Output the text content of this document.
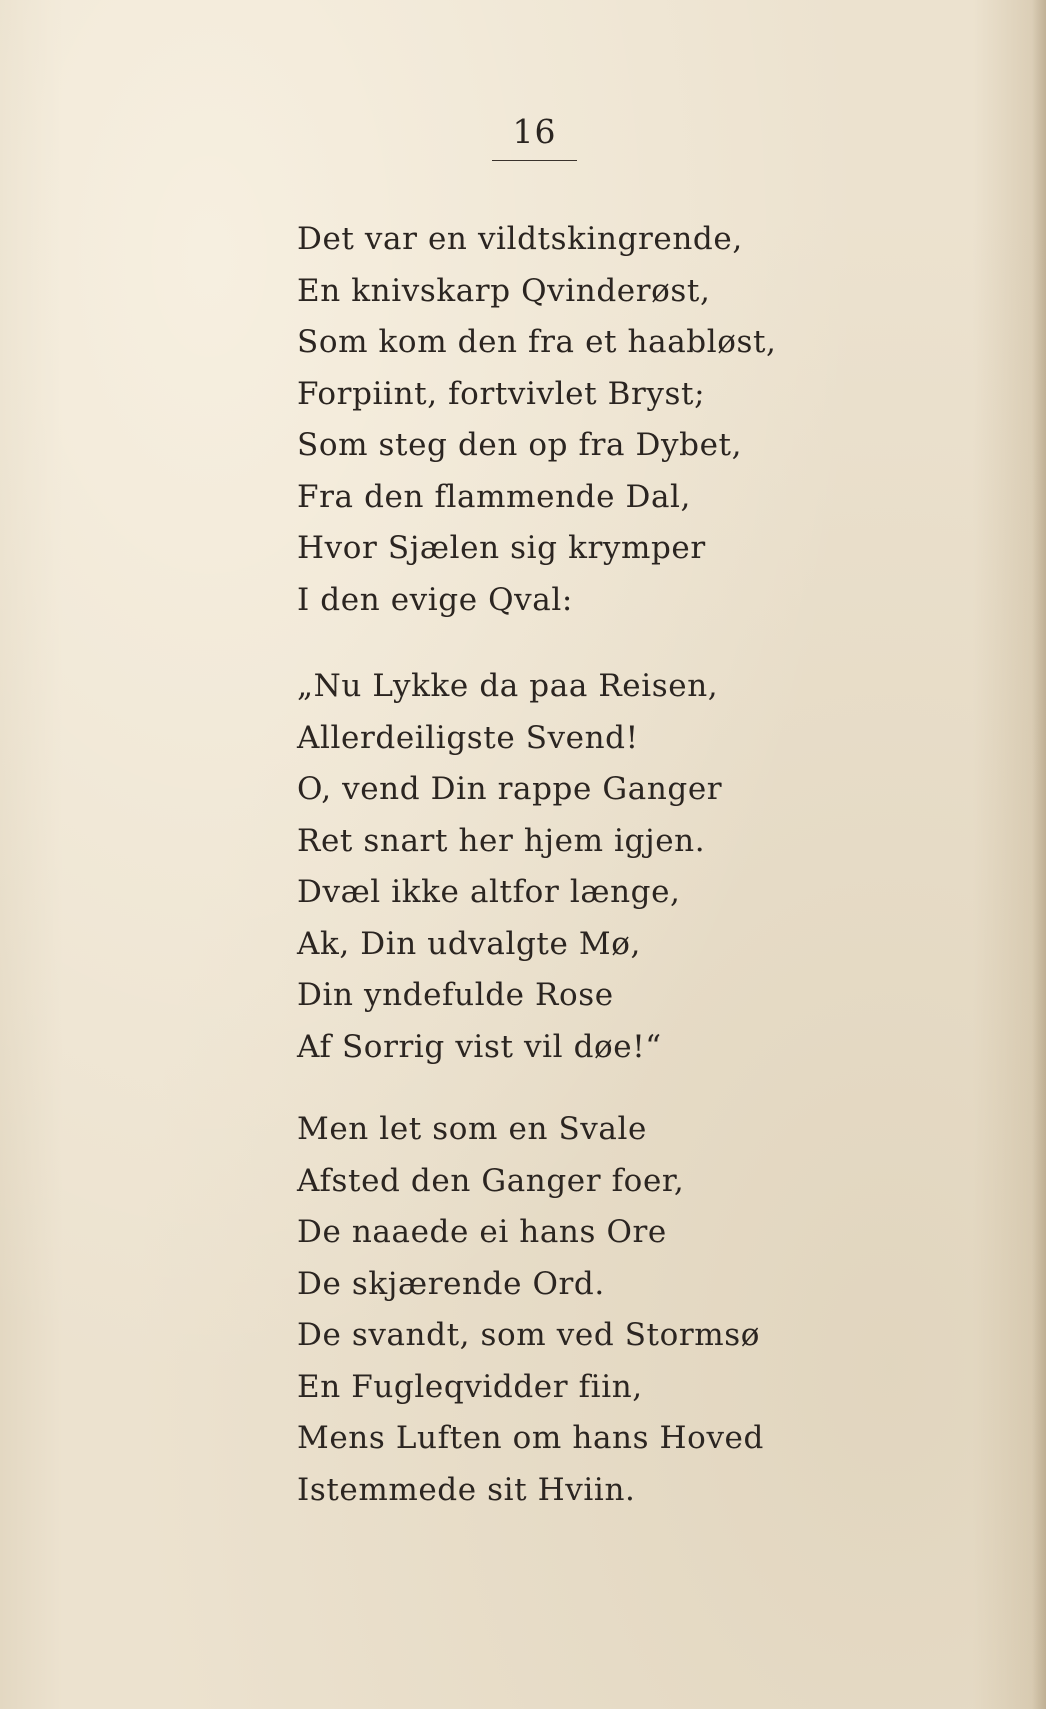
16
Det var en vildtskingrende,
En knivskarp Qvinderøst,
Som kom den fra et haabløst,
Forpiint, fortvivlet Bryst;
Som steg den op fra Dybet,
Fra den flammende Dal,
Hvor Sjælen sig krymper
I den evige Qval:
„Nu Lykke da paa Reisen,
Allerdeiligste Svend!
O, vend Din rappe Ganger
Ret snart her hjem igjen.
Dvæl ikke altfor længe,
Ak, Din udvalgte Mø,
Din yndefulde Rose
Af Sorrig vist vil døe!“
Men let som en Svale
Afsted den Ganger foer,
De naaede ei hans Ore
De skjærende Ord.
De svandt, som ved Stormsø
En Fugleqvidder fiin,
Mens Luften om hans Hoved
Istemmede sit Hviin.
